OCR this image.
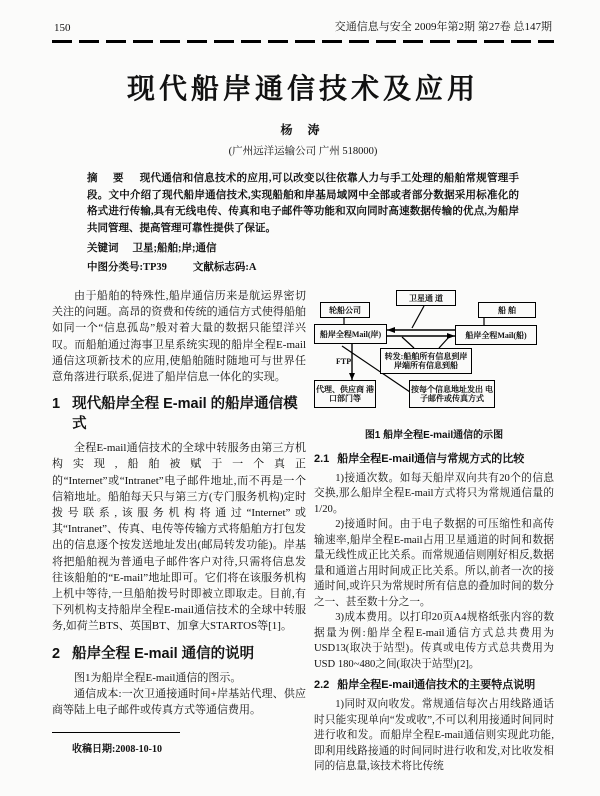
150	交通信息与安全 2009年第2期 第27卷 总147期
现代船岸通信技术及应用
杨 涛
(广州远洋运输公司 广州 518000)

摘 要 现代通信和信息技术的应用,可以改变以往依靠人力与手工处理的船舶常规管理手段。文中介绍了现代船岸通信技术,实现船舶和岸基局域网中全部或者部分数据采用标准化的格式进行传输,具有无线电传、传真和电子邮件等功能和双向同时高速数据传输的优点,为船岸共同管理、提高管理可靠性提供了保证。

关键词 卫星;船舶;岸;通信
中图分类号:TP39 文献标志码:A

由于船舶的特殊性,船岸通信历来是航运界密切关注的问题。高昂的资费和传统的通信方式使得船舶如同一个“信息孤岛”般对着大量的数据只能望洋兴叹。而船舶通过海事卫星系统实现的船岸全程E-mail通信这项新技术的应用,使船舶随时随地可与世界任意角落进行联系,促进了船岸信息一体化的实现。

1 现代船岸全程 E-mail 的船岸通信模式

全程E-mail通信技术的全球中转服务由第三方机构实现,船舶被赋于一个真正的“Internet”或“Intranet”电子邮件地址,而不再是一个信箱地址。船舶每天只与第三方(专门服务机构)定时拨号联系,该服务机构将通过“Internet”或其“Intranet”、传真、电传等传输方式将船舶方打包发出的信息逐个按发送地址发出(邮局转发功能)。岸基将把船舶视为普通电子邮件客户对待,只需将信息发往该船舶的“E-mail”地址即可。它们将在该服务机构上机中等待,一旦船舶拨号时即被立即取走。目前,有下列机构支持船岸全程E-mail通信技术的全球中转服务,如荷兰BTS、英国BT、加拿大STARTOS等[1]。

2 船岸全程 E-mail 通信的说明

图1为船岸全程E-mail通信的图示。

通信成本:一次卫通接通时间+岸基站代理、供应商等陆上电子邮件或传真方式等通信费用。

收稿日期:2008-10-10
卫星通 道
轮船公司	船 舶
船岸全程Mail(岸)	船岸全程Mail(船)
转发:船舶所有信息到岸 岸端所有信息到船
FTP
代理、供应商 港口部门等
按每个信息地址发出 电子邮件或传真方式
图1 船岸全程E-mail通信的示图
2.1 船岸全程E-mail通信与常规方式的比较

1)接通次数。如每天船岸双向共有20个的信息交换,那么船岸全程E-mail方式将只为常规通信量的1/20。

2)接通时间。由于电子数据的可压缩性和高传输速率,船岸全程E-mail占用卫星通道的时间和数据量无线性成正比关系。而常规通信则刚好相反,数据量和通道占用时间成正比关系。所以,前者一次的接通时间,或许只为常规时所有信息的叠加时间的数分之一、甚至数十分之一。

3)成本费用。以打印20页A4规格纸张内容的数据量为例:船岸全程E-mail通信方式总共费用为USD13(取决于站型)。传真或电传方式总共费用为USD 180~480之间(取决于站型)[2]。

2.2 船岸全程E-mail通信技术的主要特点说明

1)同时双向收发。常规通信每次占用线路通话时只能实现单向“发或收”,不可以利用接通时间同时进行收和发。而船岸全程E-mail通信则实现此功能,即利用线路接通的时间同时进行收和发,对比收发相同的信息量,该技术将比传统
